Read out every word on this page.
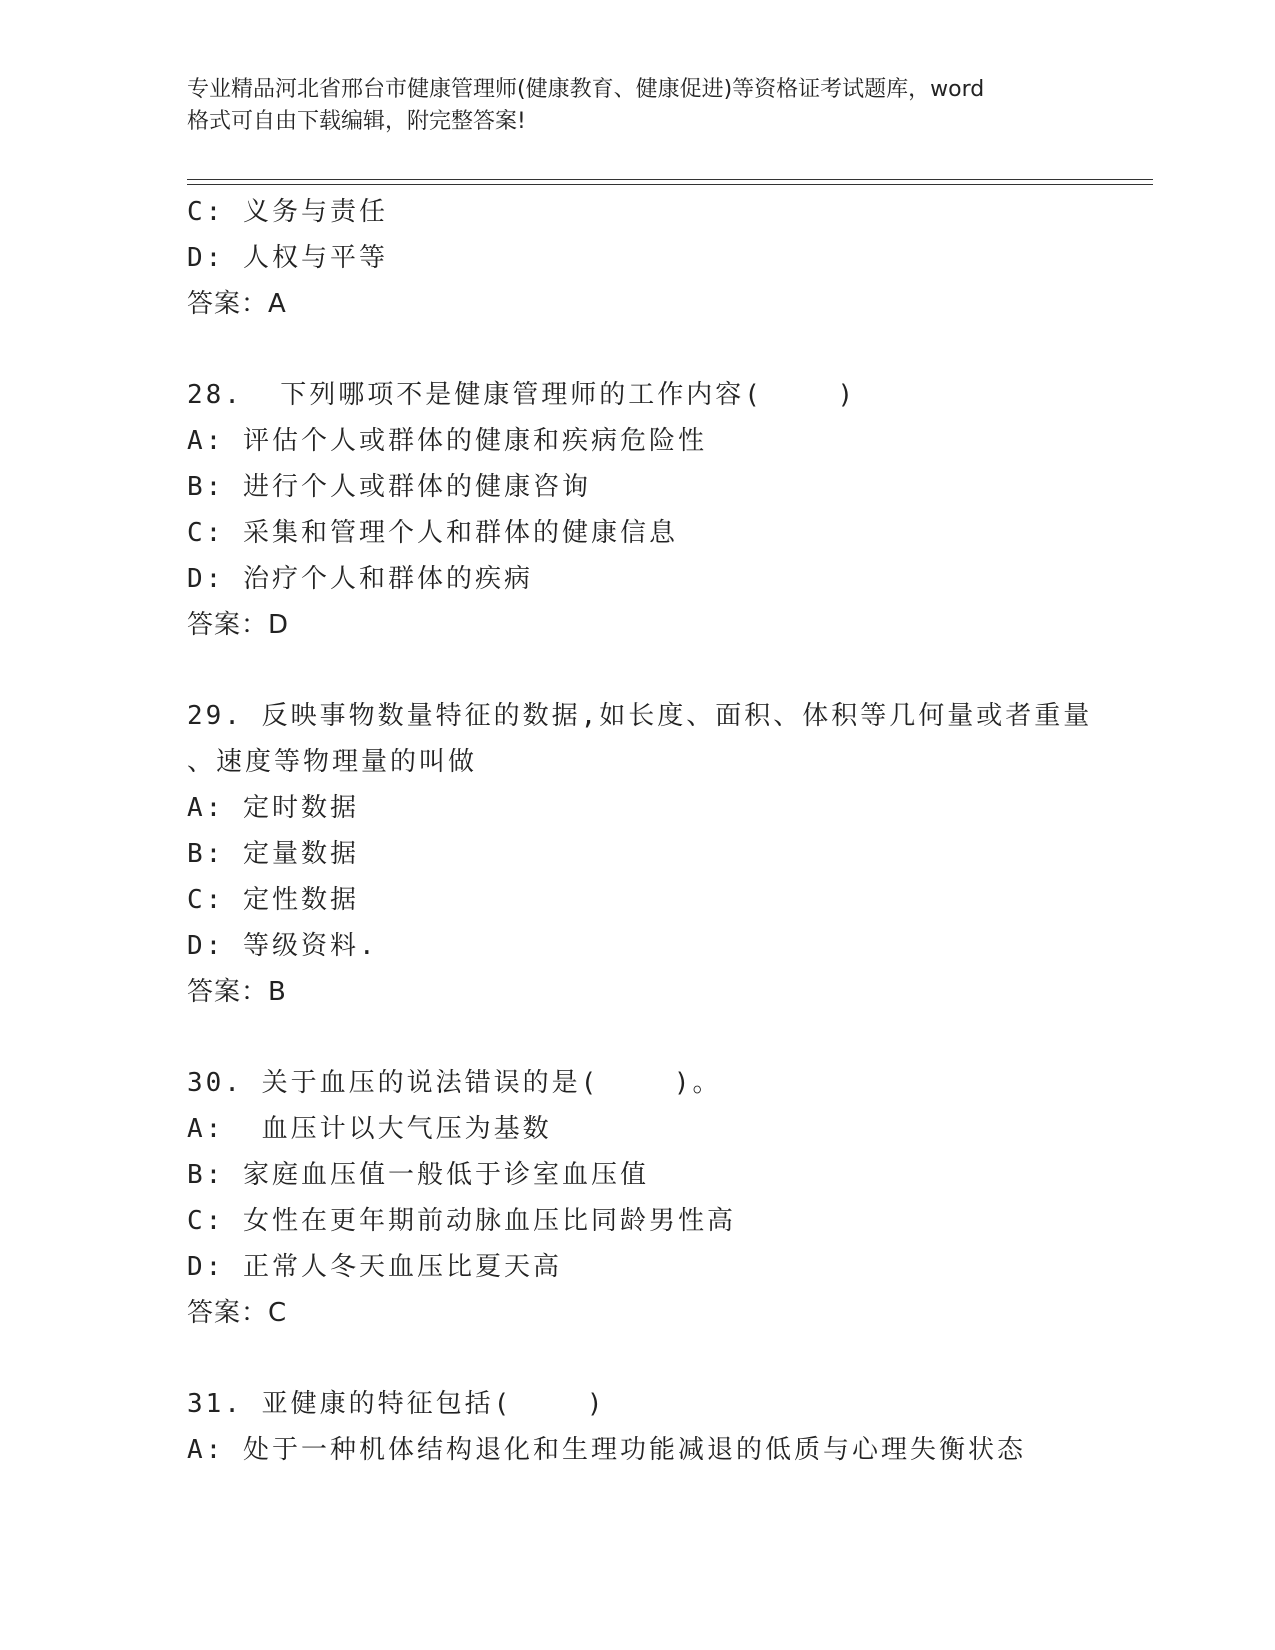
专业精品河北省邢台市健康管理师(健康教育、健康促进)等资格证考试题库，word
格式可自由下载编辑，附完整答案!
C: 义务与责任
D: 人权与平等
答案：A
28.  下列哪项不是健康管理师的工作内容(    )
A: 评估个人或群体的健康和疾病危险性
B: 进行个人或群体的健康咨询
C: 采集和管理个人和群体的健康信息
D: 治疗个人和群体的疾病
答案：D
29. 反映事物数量特征的数据,如长度、面积、体积等几何量或者重量
、速度等物理量的叫做
A: 定时数据
B: 定量数据
C: 定性数据
D: 等级资料.
答案：B
30. 关于血压的说法错误的是(    )。
A:  血压计以大气压为基数
B: 家庭血压值一般低于诊室血压值
C: 女性在更年期前动脉血压比同龄男性高
D: 正常人冬天血压比夏天高
答案：C
31. 亚健康的特征包括(    )
A: 处于一种机体结构退化和生理功能减退的低质与心理失衡状态
